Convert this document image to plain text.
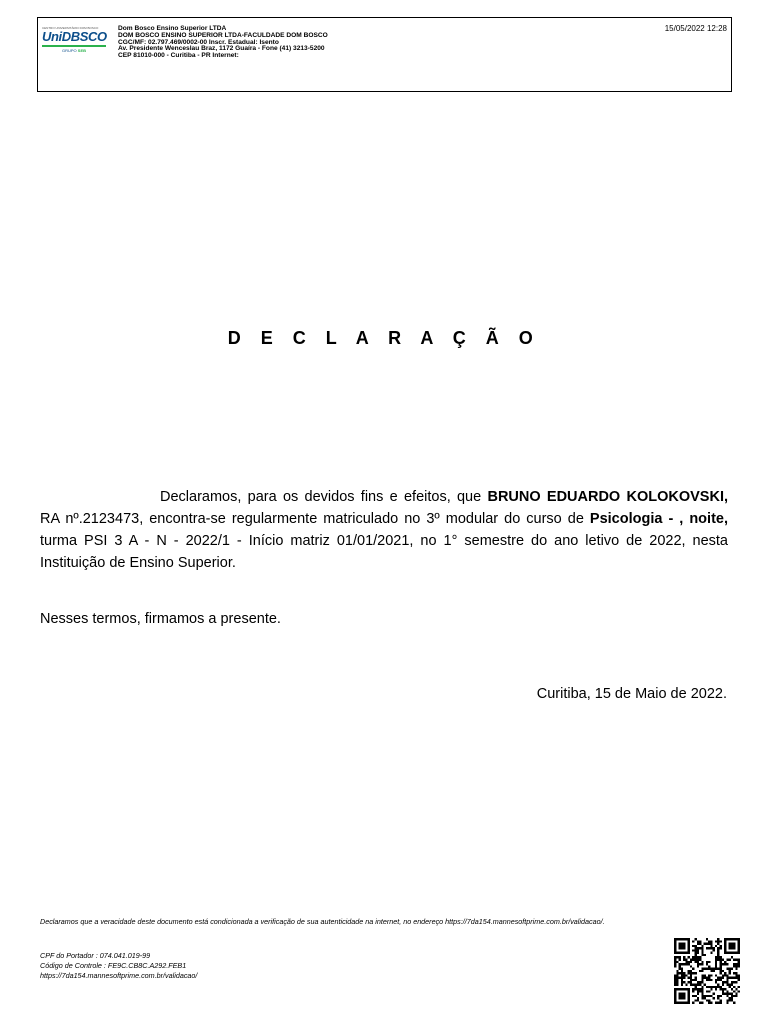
CENTRO UNIVERSITÁRIO DOM BOSCO
UniDBSCO
GRUPO SEB
Dom Bosco Ensino Superior LTDA
DOM BOSCO ENSINO SUPERIOR LTDA-FACULDADE DOM BOSCO
CGC/MF: 02.797.469/0002-00 Inscr. Estadual: Isento
Av. Presidente Wenceslau Braz, 1172 Guaíra - Fone (41) 3213-5200
CEP 81010-000 - Curitiba - PR Internet:
15/05/2022 12:28
D E C L A R A Ç Ã O
Declaramos, para os devidos fins e efeitos, que BRUNO EDUARDO KOLOKOVSKI, RA nº.2123473, encontra-se regularmente matriculado no 3º modular do curso de Psicologia - , noite, turma PSI 3 A - N - 2022/1 - Início matriz 01/01/2021, no 1° semestre do ano letivo de 2022, nesta Instituição de Ensino Superior.
Nesses termos, firmamos a presente.
Curitiba, 15 de Maio de 2022.
Declaramos que a veracidade deste documento está condicionada a verificação de sua autenticidade na internet, no endereço https://7da154.mannesoftprime.com.br/validacao/.
CPF do Portador : 074.041.019-99
Código de Controle : FE9C.CB8C.A292.FEB1
https://7da154.mannesoftprime.com.br/validacao/
